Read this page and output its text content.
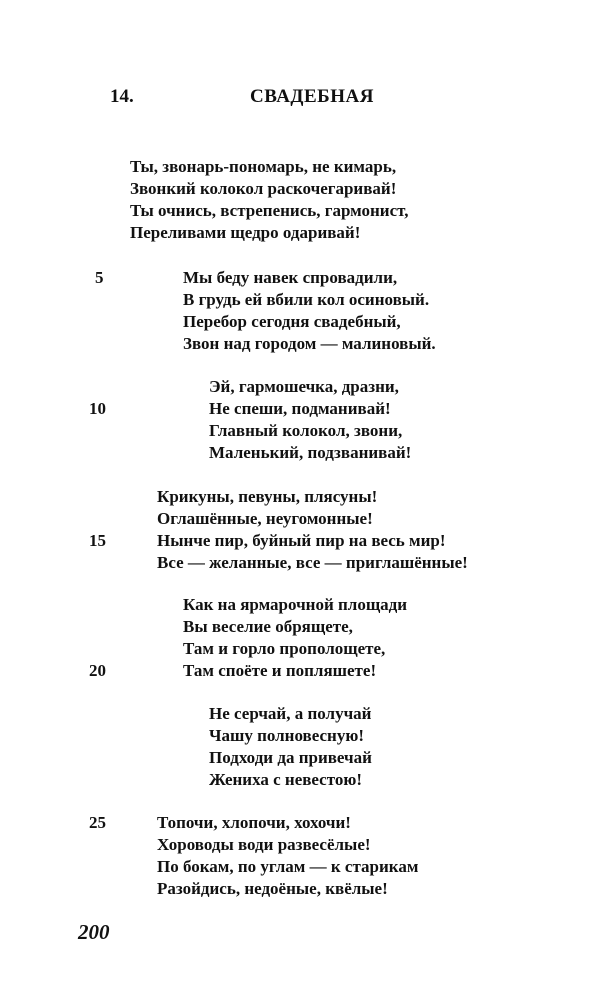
14.	СВАДЕБНАЯ
Ты, звонарь-пономарь, не кимарь,
Звонкий колокол раскочегаривай!
Ты очнись, встрепенись, гармонист,
Переливами щедро одаривай!
5	Мы беду навек спровадили,
В грудь ей вбили кол осиновый.
Перебор сегодня свадебный,
Звон над городом — малиновый.
Эй, гармошечка, дразни,
10	Не спеши, подманивай!
Главный колокол, звони,
Маленький, подзванивай!
Крикуны, певуны, плясуны!
Оглашённые, неугомонные!
15	Нынче пир, буйный пир на весь мир!
Все — желанные, все — приглашённые!
Как на ярмарочной площади
Вы веселие обрящете,
Там и горло прополощете,
20	Там споёте и попляшете!
Не серчай, а получай
Чашу полновесную!
Подходи да привечай
Жениха с невестою!
25	Топочи, хлопочи, хохочи!
Хороводы води развесёлые!
По бокам, по углам — к старикам
Разойдись, недоёные, квёлые!
200
